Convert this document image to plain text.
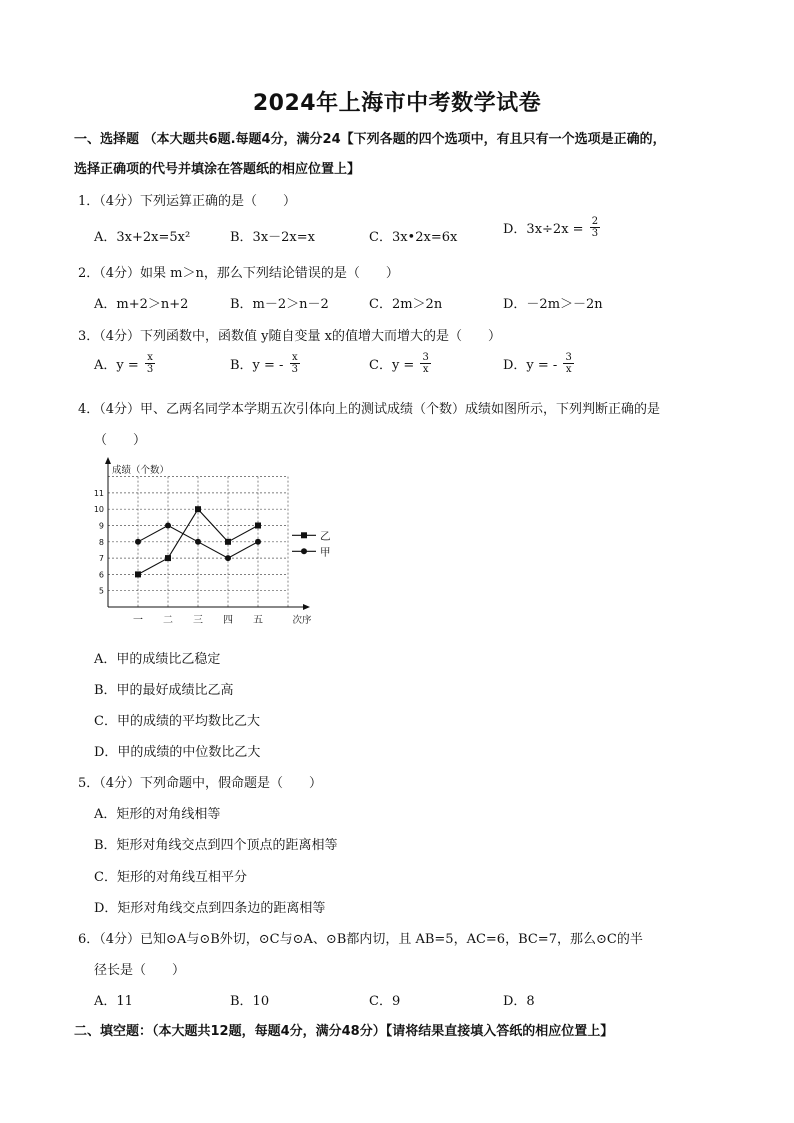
2024年上海市中考数学试卷
一、选择题 （本大题共6题.每题4分，满分24【下列各题的四个选项中，有且只有一个选项是正确的，
选择正确项的代号并填涂在答题纸的相应位置上】
1．（4分）下列运算正确的是（　　）
A．3x+2x=5x²	B．3x－2x=x	C．3x•2x=6x
D．$3x\div 2x = \frac{2}{3}$
2．（4分）如果 m＞n，那么下列结论错误的是（　　）
A．m+2＞n+2	B．m－2＞n－2	C．2m＞2n	D．－2m＞－2n
3．（4分）下列函数中，函数值 y随自变量 x的值增大而增大的是（　　）
A．$y = \frac{x}{3}$	B．y = - $\frac{x}{3}$	C．$y = \frac{3}{x}$	D．y = - $\frac{3}{x}$
4．（4分）甲、乙两名同学本学期五次引体向上的测试成绩（个数）成绩如图所示，下列判断正确的是
（　　）
成绩（个数）
5
6
7
8
9
10
11
一 二 三 四 五	次序
甲
乙
A．甲的成绩比乙稳定
B．甲的最好成绩比乙高
C．甲的成绩的平均数比乙大
D．甲的成绩的中位数比乙大
5．（4分）下列命题中，假命题是（　　）
A．矩形的对角线相等
B．矩形对角线交点到四个顶点的距离相等
C．矩形的对角线互相平分
D．矩形对角线交点到四条边的距离相等
6．（4分）已知⊙A与⊙B外切，⊙C与⊙A、⊙B都内切，且 AB=5，AC=6，BC=7，那么⊙C的半
径长是（　　）
A．11	B．10	C．9	D．8
二、填空题：（本大题共12题，每题4分，满分48分）【请将结果直接填入答纸的相应位置上】
